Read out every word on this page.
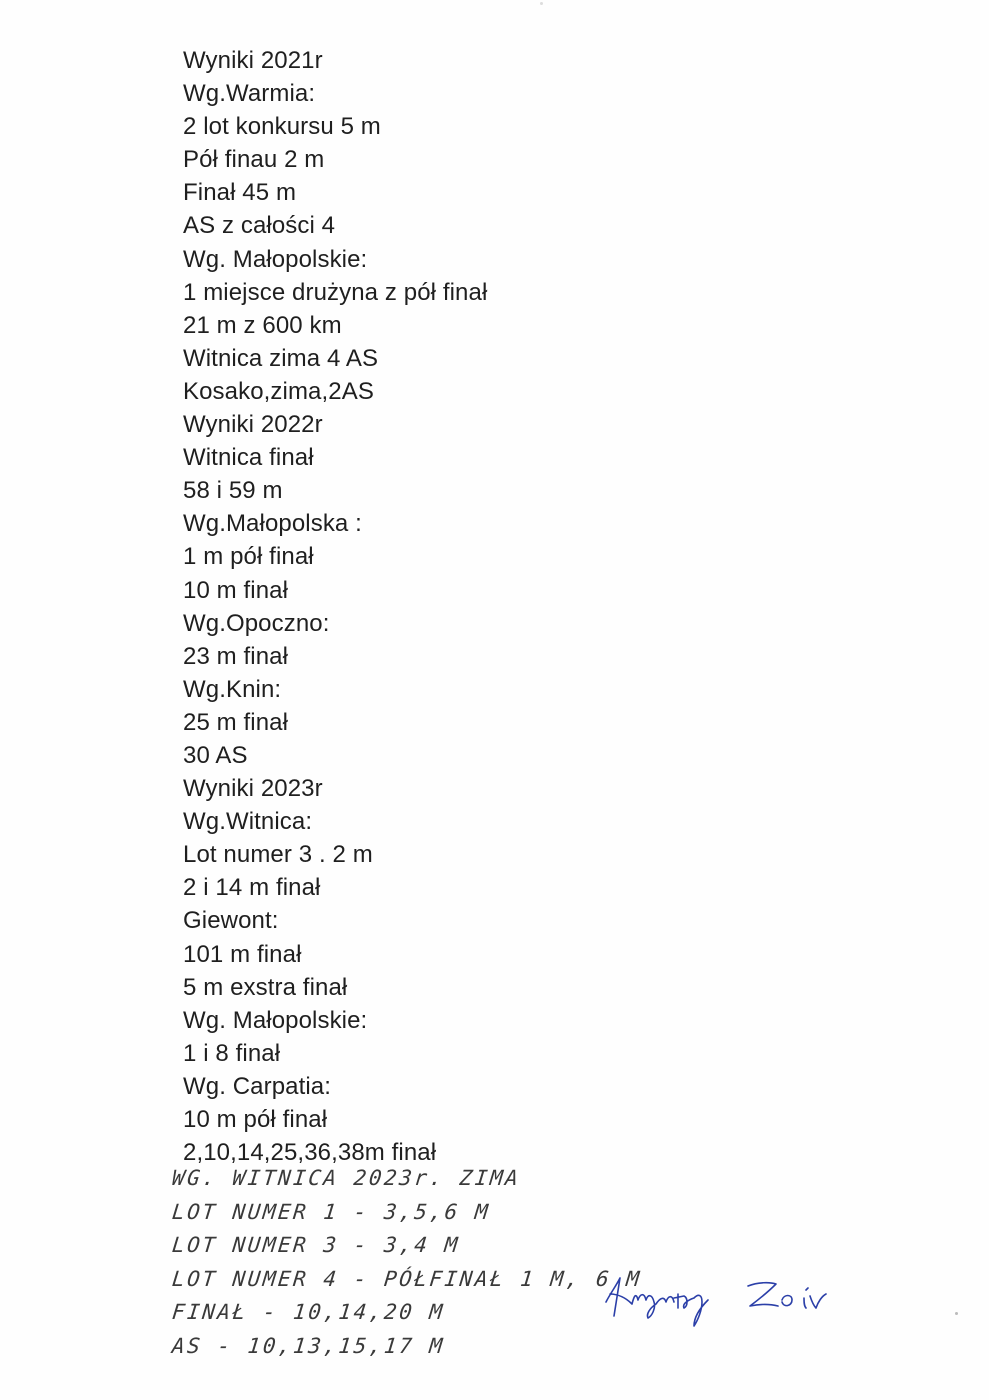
Wyniki 2021r
Wg.Warmia:
2 lot konkursu 5 m
Pół finau 2 m
Finał 45 m
AS z całości 4
Wg. Małopolskie:
1 miejsce drużyna z pół finał
21 m z 600 km
Witnica zima 4 AS
Kosako,zima,2AS
Wyniki 2022r
Witnica finał
58 i 59 m
Wg.Małopolska :
1 m pół finał
10 m finał
Wg.Opoczno:
23 m finał
Wg.Knin:
25 m finał
30 AS
Wyniki 2023r
Wg.Witnica:
Lot numer 3 . 2 m
2 i 14 m finał
Giewont:
101 m finał
5 m exstra finał
Wg. Małopolskie:
1 i 8 finał
Wg. Carpatia:
10 m pół finał
2,10,14,25,36,38m finał
WG. WITNICA 2023r. ZIMA
LOT NUMER 1 - 3,5,6 M
LOT NUMER 3 - 3,4 M
LOT NUMER 4 - PÓŁFINAŁ 1 M, 6 M
FINAŁ - 10,14,20 M
AS - 10,13,15,17 M
